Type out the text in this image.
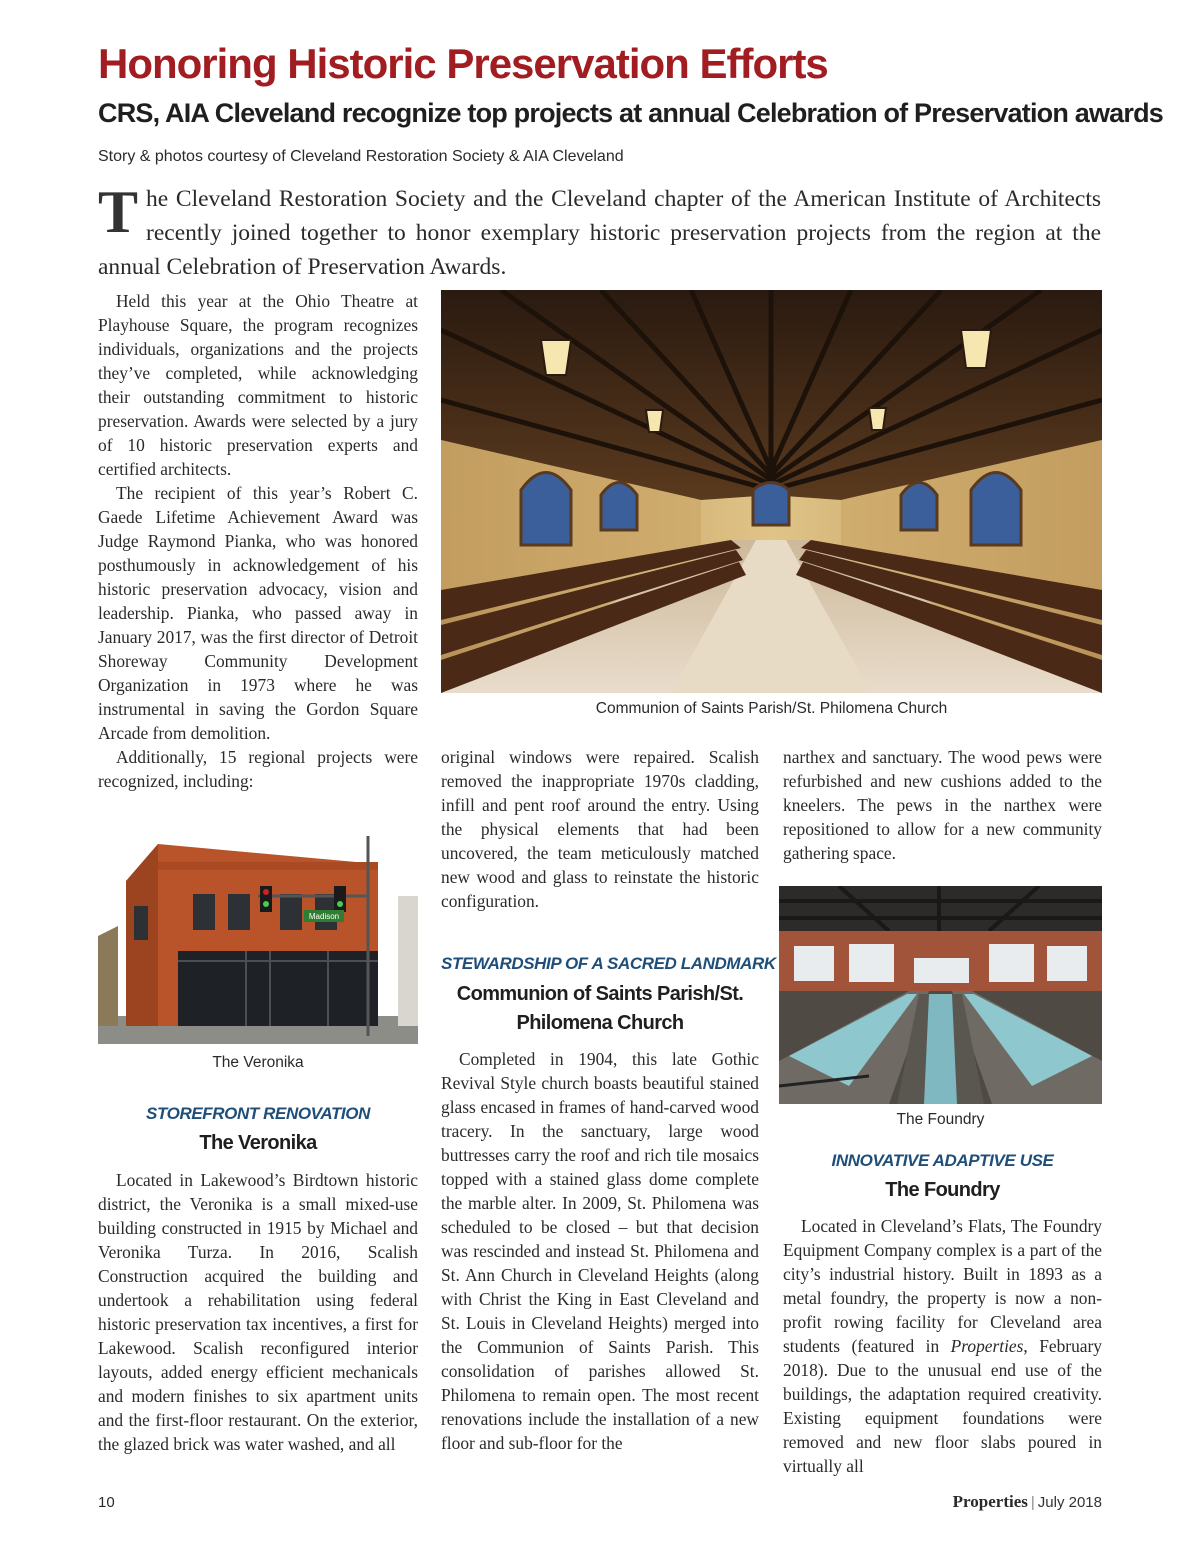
Honoring Historic Preservation Efforts
CRS, AIA Cleveland recognize top projects at annual Celebration of Preservation awards
Story & photos courtesy of Cleveland Restoration Society & AIA Cleveland
The Cleveland Restoration Society and the Cleveland chapter of the American Institute of Architects recently joined together to honor exemplary historic preservation projects from the region at the annual Celebration of Preservation Awards.

Held this year at the Ohio Theatre at Playhouse Square, the program recognizes individuals, organizations and the projects they’ve completed, while acknowledging their outstanding commitment to historic preservation. Awards were selected by a jury of 10 historic preservation experts and certified architects.

The recipient of this year’s Robert C. Gaede Lifetime Achievement Award was Judge Raymond Pianka, who was honored posthumously in acknowledgement of his historic preservation advocacy, vision and leadership. Pianka, who passed away in January 2017, was the first director of Detroit Shoreway Community Development Organization in 1973 where he was instrumental in saving the Gordon Square Arcade from demolition.

Additionally, 15 regional projects were recognized, including:

Communion of Saints Parish/St. Philomena Church

original windows were repaired. Scalish removed the inappropriate 1970s cladding, infill and pent roof around the entry. Using the physical elements that had been uncovered, the team meticulously matched new wood and glass to reinstate the historic configuration.

narthex and sanctuary. The wood pews were refurbished and new cushions added to the kneelers. The pews in the narthex were repositioned to allow for a new community gathering space.

Madison
The Veronika
STOREFRONT RENOVATION
The Veronika

Located in Lakewood’s Birdtown historic district, the Veronika is a small mixed-use building constructed in 1915 by Michael and Veronika Turza. In 2016, Scalish Construction acquired the building and undertook a rehabilitation using federal historic preservation tax incentives, a first for Lakewood. Scalish reconfigured interior layouts, added energy efficient mechanicals and modern finishes to six apartment units and the first-floor restaurant. On the exterior, the glazed brick was water washed, and all

STEWARDSHIP OF A SACRED LANDMARK
Communion of Saints Parish/St.
Philomena Church

Completed in 1904, this late Gothic Revival Style church boasts beautiful stained glass encased in frames of hand-carved wood tracery. In the sanctuary, large wood buttresses carry the roof and rich tile mosaics topped with a stained glass dome complete the marble alter. In 2009, St. Philomena was scheduled to be closed – but that decision was rescinded and instead St. Philomena and St. Ann Church in Cleveland Heights (along with Christ the King in East Cleveland and St. Louis in Cleveland Heights) merged into the Communion of Saints Parish. This consolidation of parishes allowed St. Philomena to remain open. The most recent renovations include the installation of a new floor and sub-floor for the

The Foundry
INNOVATIVE ADAPTIVE USE
The Foundry

Located in Cleveland’s Flats, The Foundry Equipment Company complex is a part of the city’s industrial history. Built in 1893 as a metal foundry, the property is now a non-profit rowing facility for Cleveland area students (featured in Properties, February 2018). Due to the unusual end use of the buildings, the adaptation required creativity. Existing equipment foundations were removed and new floor slabs poured in virtually all

10	Properties | July 2018
